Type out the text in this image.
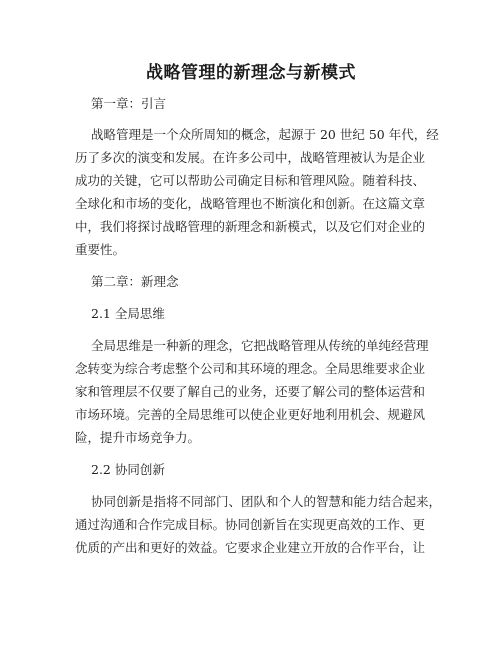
战略管理的新理念与新模式
第一章：引言
战略管理是一个众所周知的概念，起源于 20 世纪 50 年代，经
历了多次的演变和发展。在许多公司中，战略管理被认为是企业
成功的关键，它可以帮助公司确定目标和管理风险。随着科技、
全球化和市场的变化，战略管理也不断演化和创新。在这篇文章
中，我们将探讨战略管理的新理念和新模式，以及它们对企业的
重要性。
第二章：新理念
2.1 全局思维
全局思维是一种新的理念，它把战略管理从传统的单纯经营理
念转变为综合考虑整个公司和其环境的理念。全局思维要求企业
家和管理层不仅要了解自己的业务，还要了解公司的整体运营和
市场环境。完善的全局思维可以使企业更好地利用机会、规避风
险，提升市场竞争力。
2.2 协同创新
协同创新是指将不同部门、团队和个人的智慧和能力结合起来，
通过沟通和合作完成目标。协同创新旨在实现更高效的工作、更
优质的产出和更好的效益。它要求企业建立开放的合作平台，让
